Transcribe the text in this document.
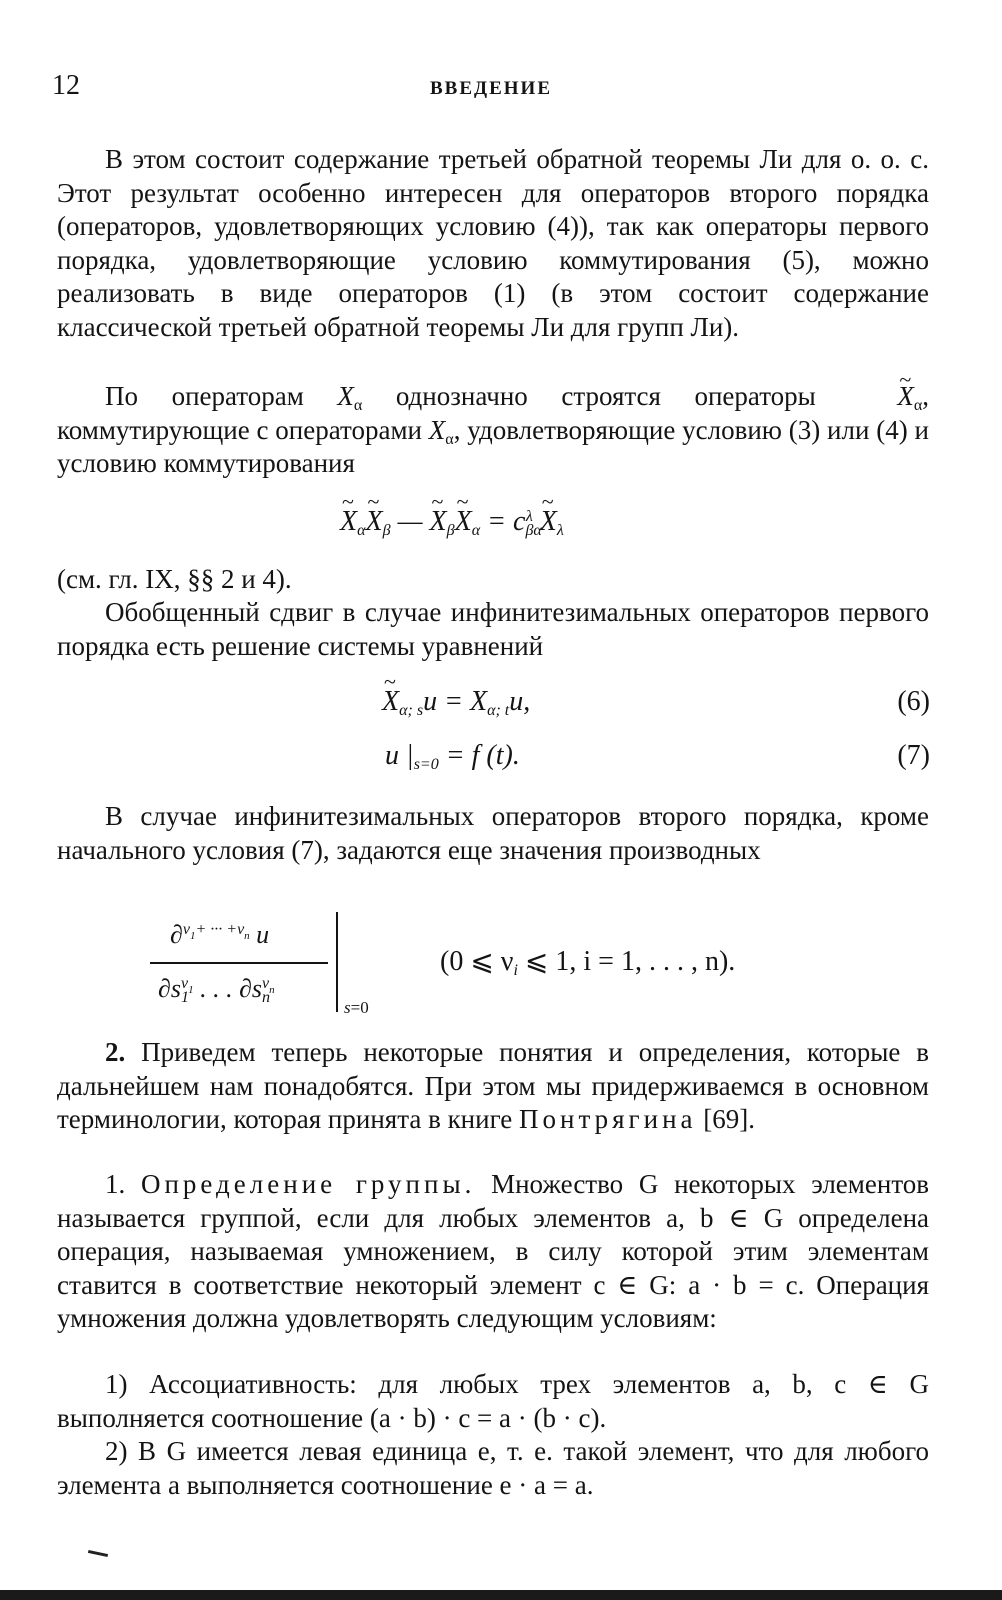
12	ВВЕДЕНИЕ

В этом состоит содержание третьей обратной теоремы Ли для о. о. с. Этот результат особенно интересен для операторов второго порядка (операторов, удовлетворяющих условию (4)), так как операторы первого порядка, удовлетворяющие условию коммутирования (5), можно реализовать в виде операторов (1) (в этом состоит содержание классической третьей обратной теоремы Ли для групп Ли).

По операторам $X_\alpha$ однозначно строятся операторы ~ $X_\alpha$, коммутирующие с операторами $X_\alpha$, удовлетворяющие условию (3) или (4) и условию коммутирования

~ $X_\alpha\sim$ $X_\beta$ — ~ $X_\beta\sim$ $X_\alpha = c_{\beta\alpha}^\lambda$ ~ $X_\lambda$

(см. гл. IX, §§ 2 и 4).

Обобщенный сдвиг в случае инфинитезимальных операторов первого порядка есть решение системы уравнений

~ $X_{\alpha; s}u = X_{\alpha; t}u$,	(6)
u $|_{s=0} = f$ (t).	(7)

В случае инфинитезимальных операторов второго порядка, кроме начального условия (7), задаются еще значения производных

∂$^{\nu_1+ \cdot\cdot\cdot +\nu_n}$ u
$\partial s_1^{\nu_1}$ . . . $\partial s_n^{\nu_n}$
s=0
(0 ⩽ $\nu_i$ ⩽ 1, i = 1, . . . , n).

2. Приведем теперь некоторые понятия и определения, которые в дальнейшем нам понадобятся. При этом мы придерживаемся в основном терминологии, которая принята в книге Понтрягина [69].

1. Определение группы. Множество G некоторых элементов называется группой, если для любых элементов a, b ∈ G определена операция, называемая умножением, в силу которой этим элементам ставится в соответствие некоторый элемент c ∈ G: a · b = c. Операция умножения должна удовлетворять следующим условиям:

1) Ассоциативность: для любых трех элементов a, b, c ∈ G выполняется соотношение (a · b) · c = a · (b · c).

2) В G имеется левая единица e, т. е. такой элемент, что для любого элемента a выполняется соотношение e · a = a.
